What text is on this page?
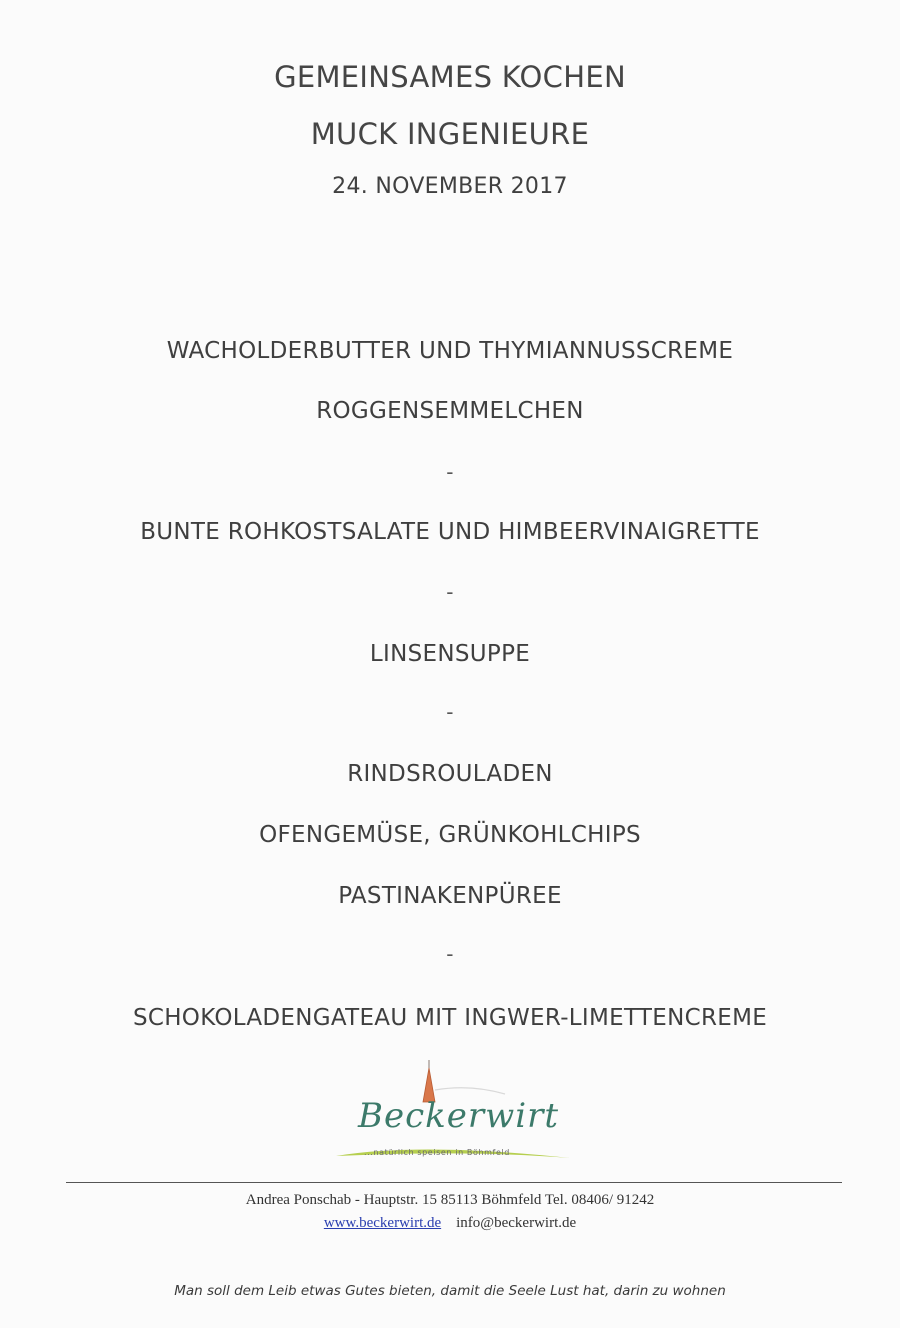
GEMEINSAMES KOCHEN
MUCK INGENIEURE
24. NOVEMBER 2017
WACHOLDERBUTTER UND THYMIANNUSSCREME
ROGGENSEMMELCHEN
-
BUNTE ROHKOSTSALATE UND HIMBEERVINAIGRETTE
-
LINSENSUPPE
-
RINDSROULADEN
OFENGEMÜSE, GRÜNKOHLCHIPS
PASTINAKENPÜREE
-
SCHOKOLADENGATEAU MIT INGWER-LIMETTENCREME
Beckerwirt
...natürlich speisen in Böhmfeld
Andrea Ponschab - Hauptstr. 15 85113 Böhmfeld Tel. 08406/ 91242
www.beckerwirt.de info@beckerwirt.de
Man soll dem Leib etwas Gutes bieten, damit die Seele Lust hat, darin zu wohnen
